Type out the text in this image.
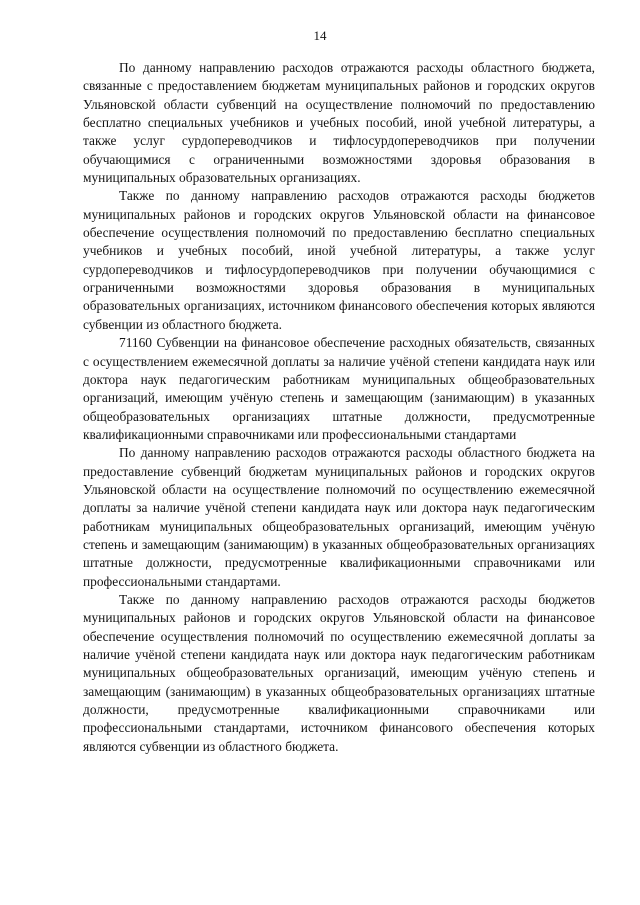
14

По данному направлению расходов отражаются расходы областного бюджета, связанные с предоставлением бюджетам муниципальных районов и городских округов Ульяновской области субвенций на осуществление полномочий по предоставлению бесплатно специальных учебников и учебных пособий, иной учебной литературы, а также услуг сурдопереводчиков и тифлосурдопереводчиков при получении обучающимися с ограниченными возможностями здоровья образования в муниципальных образовательных организациях.

Также по данному направлению расходов отражаются расходы бюджетов муниципальных районов и городских округов Ульяновской области на финансовое обеспечение осуществления полномочий по предоставлению бесплатно специальных учебников и учебных пособий, иной учебной литературы, а также услуг сурдопереводчиков и тифлосурдопереводчиков при получении обучающимися с ограниченными возможностями здоровья образования в муниципальных образовательных организациях, источником финансового обеспечения которых являются субвенции из областного бюджета.

71160 Субвенции на финансовое обеспечение расходных обязательств, связанных с осуществлением ежемесячной доплаты за наличие учёной степени кандидата наук или доктора наук педагогическим работникам муниципальных общеобразовательных организаций, имеющим учёную степень и замещающим (занимающим) в указанных общеобразовательных организациях штатные должности, предусмотренные квалификационными справочниками или профессиональными стандартами

По данному направлению расходов отражаются расходы областного бюджета на предоставление субвенций бюджетам муниципальных районов и городских округов Ульяновской области на осуществление полномочий по осуществлению ежемесячной доплаты за наличие учёной степени кандидата наук или доктора наук педагогическим работникам муниципальных общеобразовательных организаций, имеющим учёную степень и замещающим (занимающим) в указанных общеобразовательных организациях штатные должности, предусмотренные квалификационными справочниками или профессиональными стандартами.

Также по данному направлению расходов отражаются расходы бюджетов муниципальных районов и городских округов Ульяновской области на финансовое обеспечение осуществления полномочий по осуществлению ежемесячной доплаты за наличие учёной степени кандидата наук или доктора наук педагогическим работникам муниципальных общеобразовательных организаций, имеющим учёную степень и замещающим (занимающим) в указанных общеобразовательных организациях штатные должности, предусмотренные квалификационными справочниками или профессиональными стандартами, источником финансового обеспечения которых являются субвенции из областного бюджета.
